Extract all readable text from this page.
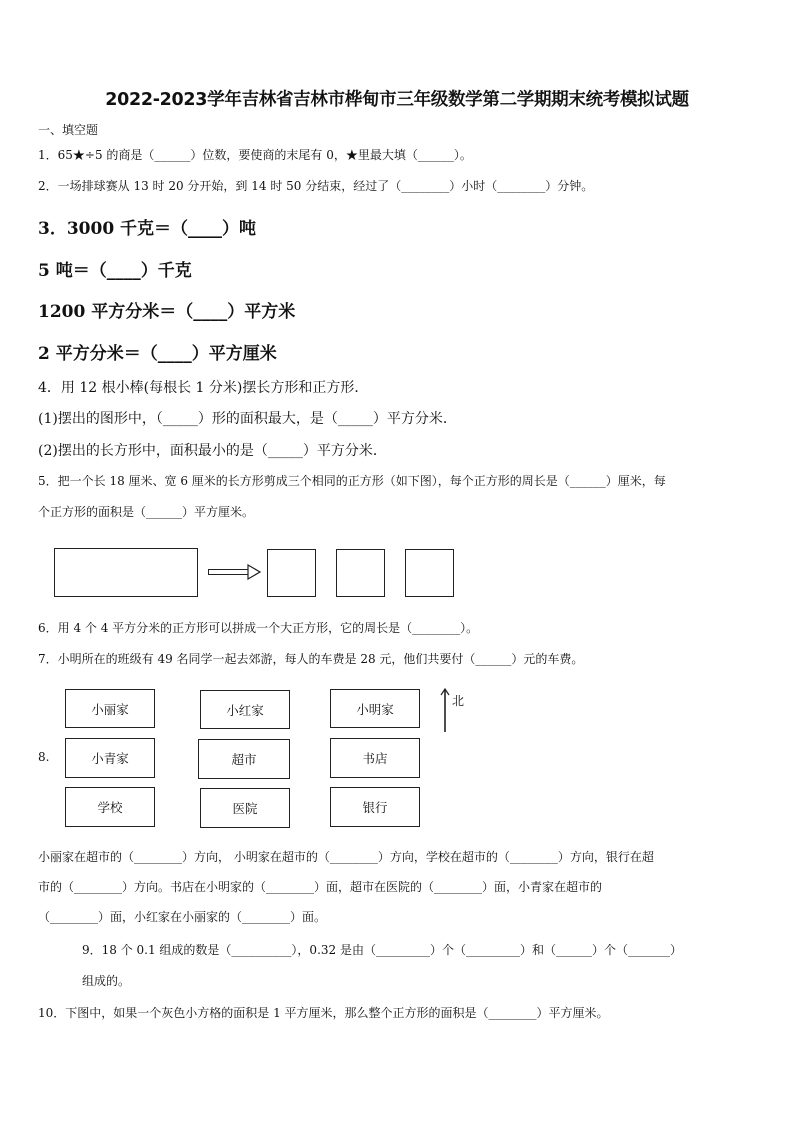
2022-2023学年吉林省吉林市桦甸市三年级数学第二学期期末统考模拟试题
一、填空题
1．65★÷5 的商是（______）位数，要使商的末尾有 0，★里最大填（______）。
2．一场排球赛从 13 时 20 分开始，到 14 时 50 分结束，经过了（________）小时（________）分钟。
3．3000 千克＝（____）吨
5 吨＝（____）千克
1200 平方分米＝（____）平方米
2 平方分米＝（____）平方厘米
4．用 12 根小棒(每根长 1 分米)摆长方形和正方形．
(1)摆出的图形中，（_____）形的面积最大，是（_____）平方分米．
(2)摆出的长方形中，面积最小的是（_____）平方分米．
5．把一个长 18 厘米、宽 6 厘米的长方形剪成三个相同的正方形（如下图），每个正方形的周长是（______）厘米，每
个正方形的面积是（______）平方厘米。
6．用 4 个 4 平方分米的正方形可以拼成一个大正方形，它的周长是（________）。
7．小明所在的班级有 49 名同学一起去郊游，每人的车费是 28 元，他们共要付（______）元的车费。
8.
小丽家	小红家	小明家
小青家	超市	书店
学校	医院	银行
北
小丽家在超市的（________）方向， 小明家在超市的（________）方向，学校在超市的（________）方向，银行在超
市的（________）方向。书店在小明家的（________）面，超市在医院的（________）面，小青家在超市的
（________）面，小红家在小丽家的（________）面。
9．18 个 0.1 组成的数是（__________），0.32 是由（_________）个（_________）和（______）个（_______）
组成的。
10．下图中，如果一个灰色小方格的面积是 1 平方厘米，那么整个正方形的面积是（________）平方厘米。
